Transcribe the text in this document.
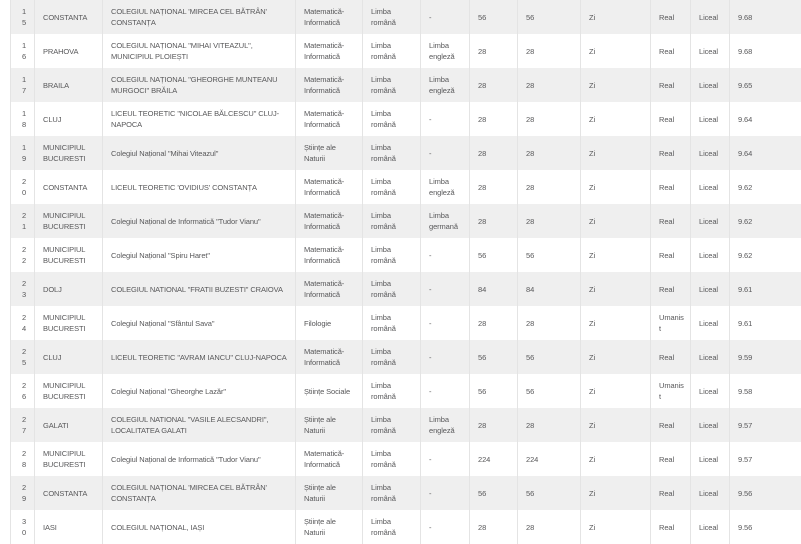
15	CONSTANTA	COLEGIUL NAȚIONAL 'MIRCEA CEL BĂTRÂN' CONSTANȚA	Matematică-Informatică	Limba română	-	56	56	Zi	Real	Liceal	9.68
16	PRAHOVA	COLEGIUL NAȚIONAL "MIHAI VITEAZUL", MUNICIPIUL PLOIEȘTI	Matematică-Informatică	Limba română	Limba engleză	28	28	Zi	Real	Liceal	9.68
17	BRAILA	COLEGIUL NAȚIONAL "GHEORGHE MUNTEANU MURGOCI" BRĂILA	Matematică-Informatică	Limba română	Limba engleză	28	28	Zi	Real	Liceal	9.65
18	CLUJ	LICEUL TEORETIC "NICOLAE BĂLCESCU" CLUJ-NAPOCA	Matematică-Informatică	Limba română	-	28	28	Zi	Real	Liceal	9.64
19	MUNICIPIUL BUCURESTI	Colegiul Național "Mihai Viteazul"	Științe ale Naturii	Limba română	-	28	28	Zi	Real	Liceal	9.64
20	CONSTANTA	LICEUL TEORETIC 'OVIDIUS' CONSTANȚA	Matematică-Informatică	Limba română	Limba engleză	28	28	Zi	Real	Liceal	9.62
21	MUNICIPIUL BUCURESTI	Colegiul Național de Informatică "Tudor Vianu"	Matematică-Informatică	Limba română	Limba germană	28	28	Zi	Real	Liceal	9.62
22	MUNICIPIUL BUCURESTI	Colegiul Național "Spiru Haret"	Matematică-Informatică	Limba română	-	56	56	Zi	Real	Liceal	9.62
23	DOLJ	COLEGIUL NATIONAL "FRATII BUZESTI" CRAIOVA	Matematică-Informatică	Limba română	-	84	84	Zi	Real	Liceal	9.61
24	MUNICIPIUL BUCURESTI	Colegiul Național "Sfântul Sava"	Filologie	Limba română	-	28	28	Zi	Umanist	Liceal	9.61
25	CLUJ	LICEUL TEORETIC "AVRAM IANCU" CLUJ-NAPOCA	Matematică-Informatică	Limba română	-	56	56	Zi	Real	Liceal	9.59
26	MUNICIPIUL BUCURESTI	Colegiul Național "Gheorghe Lazăr"	Științe Sociale	Limba română	-	56	56	Zi	Umanist	Liceal	9.58
27	GALATI	COLEGIUL NATIONAL "VASILE ALECSANDRI", LOCALITATEA GALATI	Științe ale Naturii	Limba română	Limba engleză	28	28	Zi	Real	Liceal	9.57
28	MUNICIPIUL BUCURESTI	Colegiul Național de Informatică "Tudor Vianu"	Matematică-Informatică	Limba română	-	224	224	Zi	Real	Liceal	9.57
29	CONSTANTA	COLEGIUL NAȚIONAL 'MIRCEA CEL BĂTRÂN' CONSTANȚA	Științe ale Naturii	Limba română	-	56	56	Zi	Real	Liceal	9.56
30	IASI	COLEGIUL NAȚIONAL, IAȘI	Științe ale Naturii	Limba română	-	28	28	Zi	Real	Liceal	9.56
